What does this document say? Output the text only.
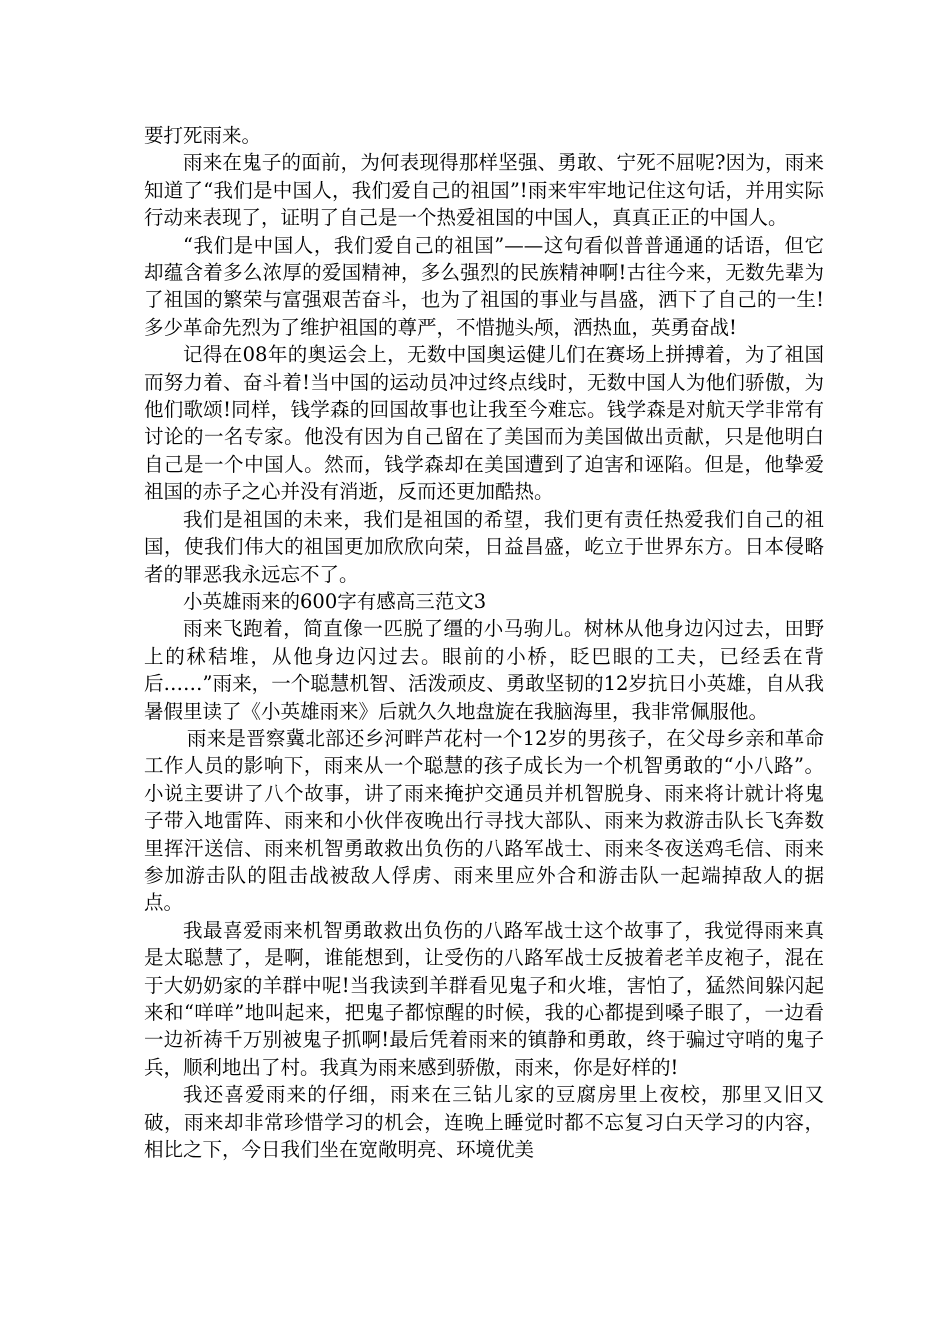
要打死雨来。

雨来在鬼子的面前，为何表现得那样坚强、勇敢、宁死不屈呢?因为，雨来知道了“我们是中国人，我们爱自己的祖国”!雨来牢牢地记住这句话，并用实际行动来表现了，证明了自己是一个热爱祖国的中国人，真真正正的中国人。

“我们是中国人，我们爱自己的祖国”——这句看似普普通通的话语，但它却蕴含着多么浓厚的爱国精神，多么强烈的民族精神啊!古往今来，无数先辈为了祖国的繁荣与富强艰苦奋斗，也为了祖国的事业与昌盛，洒下了自己的一生!多少革命先烈为了维护祖国的尊严，不惜抛头颅，洒热血，英勇奋战!

记得在08年的奥运会上，无数中国奥运健儿们在赛场上拼搏着，为了祖国而努力着、奋斗着!当中国的运动员冲过终点线时，无数中国人为他们骄傲，为他们歌颂!同样，钱学森的回国故事也让我至今难忘。钱学森是对航天学非常有讨论的一名专家。他没有因为自己留在了美国而为美国做出贡献，只是他明白自己是一个中国人。然而，钱学森却在美国遭到了迫害和诬陷。但是，他挚爱祖国的赤子之心并没有消逝，反而还更加酷热。

我们是祖国的未来，我们是祖国的希望，我们更有责任热爱我们自己的祖国，使我们伟大的祖国更加欣欣向荣，日益昌盛，屹立于世界东方。日本侵略者的罪恶我永远忘不了。

小英雄雨来的600字有感高三范文3

雨来飞跑着，简直像一匹脱了缰的小马驹儿。树林从他身边闪过去，田野上的秫秸堆，从他身边闪过去。眼前的小桥，眨巴眼的工夫，已经丢在背后……”雨来，一个聪慧机智、活泼顽皮、勇敢坚韧的12岁抗日小英雄，自从我暑假里读了《小英雄雨来》后就久久地盘旋在我脑海里，我非常佩服他。

雨来是晋察冀北部还乡河畔芦花村一个12岁的男孩子，在父母乡亲和革命工作人员的影响下，雨来从一个聪慧的孩子成长为一个机智勇敢的“小八路”。小说主要讲了八个故事，讲了雨来掩护交通员并机智脱身、雨来将计就计将鬼子带入地雷阵、雨来和小伙伴夜晚出行寻找大部队、雨来为救游击队长飞奔数里挥汗送信、雨来机智勇敢救出负伤的八路军战士、雨来冬夜送鸡毛信、雨来参加游击队的阻击战被敌人俘虏、雨来里应外合和游击队一起端掉敌人的据点。

我最喜爱雨来机智勇敢救出负伤的八路军战士这个故事了，我觉得雨来真是太聪慧了，是啊，谁能想到，让受伤的八路军战士反披着老羊皮袍子，混在于大奶奶家的羊群中呢!当我读到羊群看见鬼子和火堆，害怕了，猛然间躲闪起来和“咩咩”地叫起来，把鬼子都惊醒的时候，我的心都提到嗓子眼了，一边看一边祈祷千万别被鬼子抓啊!最后凭着雨来的镇静和勇敢，终于骗过守哨的鬼子兵，顺利地出了村。我真为雨来感到骄傲，雨来，你是好样的!

我还喜爱雨来的仔细，雨来在三钻儿家的豆腐房里上夜校，那里又旧又破，雨来却非常珍惜学习的机会，连晚上睡觉时都不忘复习白天学习的内容，相比之下，今日我们坐在宽敞明亮、环境优美
